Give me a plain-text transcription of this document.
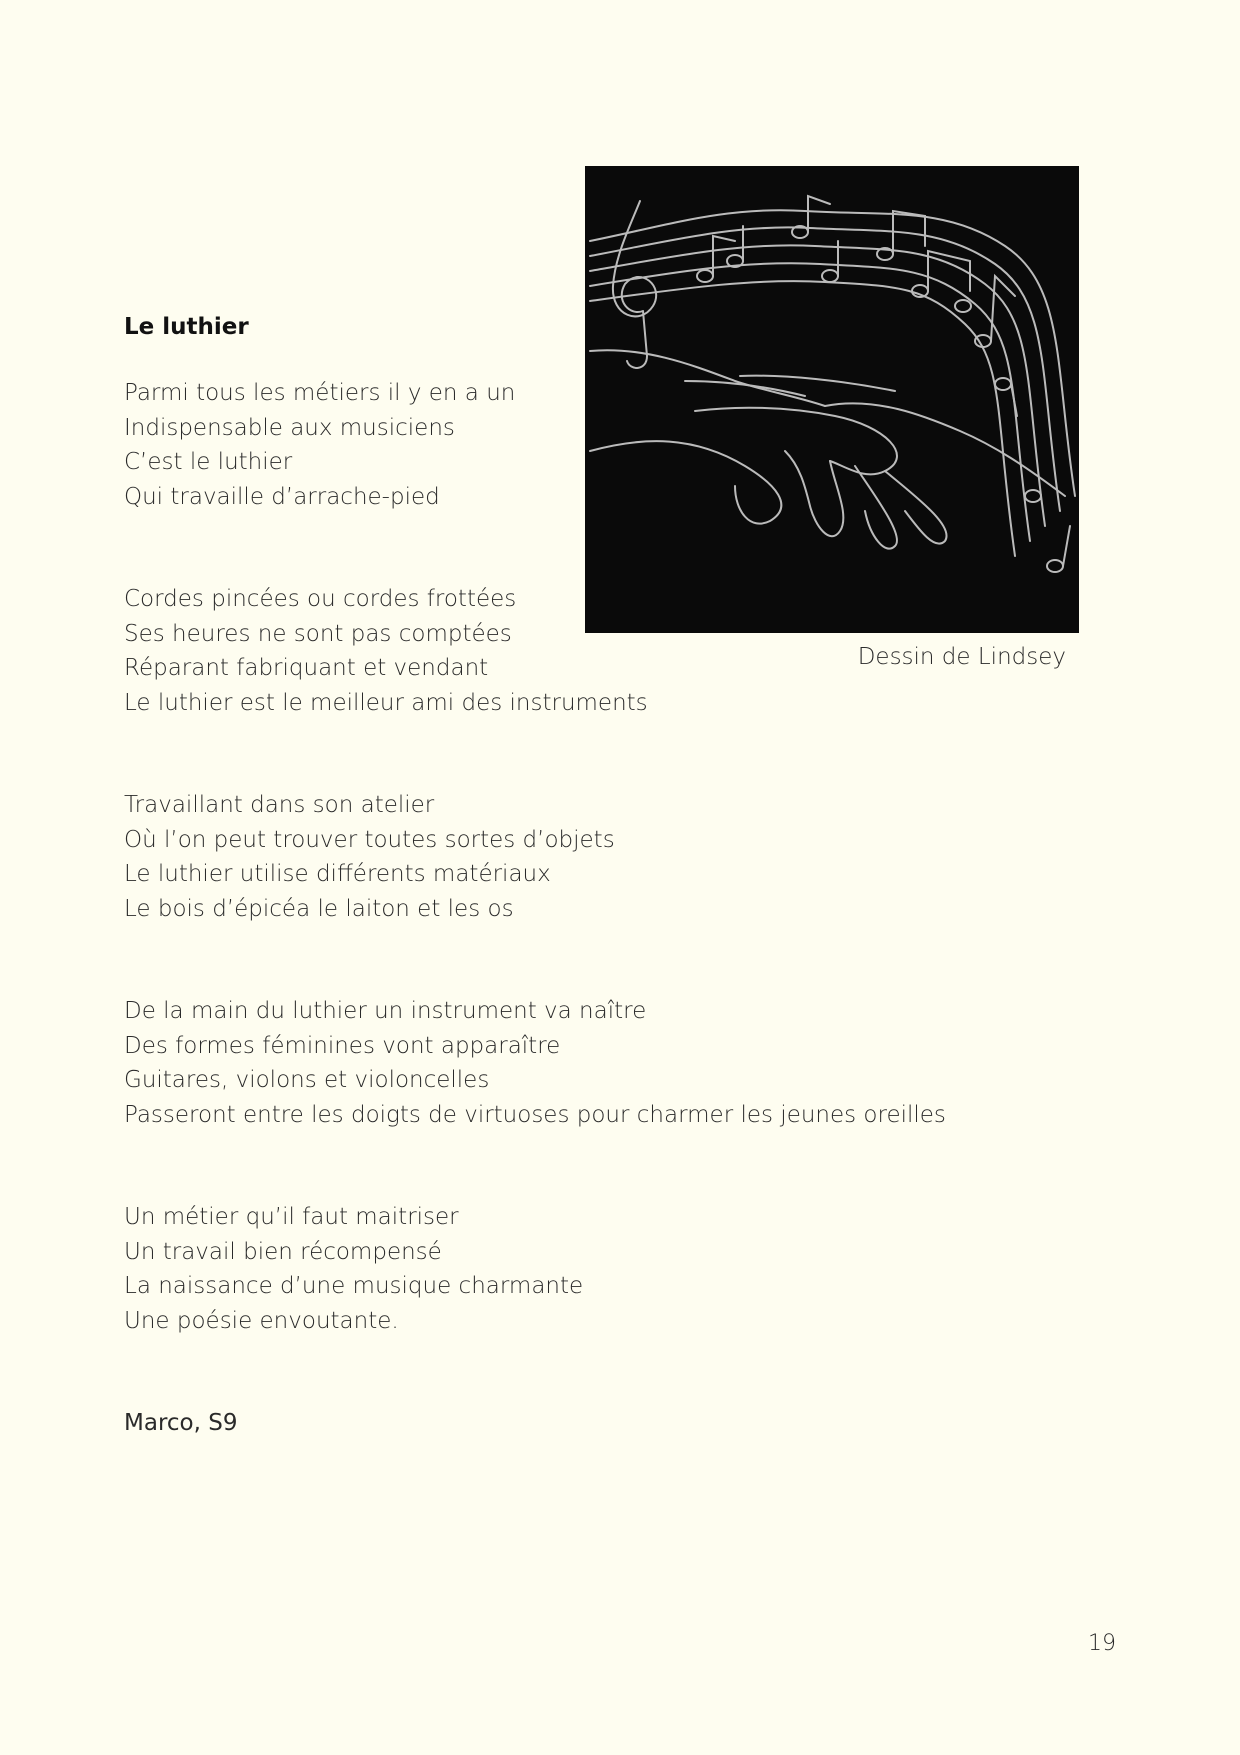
Dessin de Lindsey
Le luthier
Parmi tous les métiers il y en a un
Indispensable aux musiciens
C’est le luthier
Qui travaille d’arrache-pied
Cordes pincées ou cordes frottées
Ses heures ne sont pas comptées
Réparant fabriquant et vendant
Le luthier est le meilleur ami des instruments
Travaillant dans son atelier
Où l’on peut trouver toutes sortes d’objets
Le luthier utilise différents matériaux
Le bois d’épicéa le laiton et les os
De la main du luthier un instrument va naître
Des formes féminines vont apparaître
Guitares, violons et violoncelles
Passeront entre les doigts de virtuoses pour charmer les jeunes oreilles
Un métier qu’il faut maitriser
Un travail bien récompensé
La naissance d’une musique charmante
Une poésie envoutante.
Marco, S9
19
